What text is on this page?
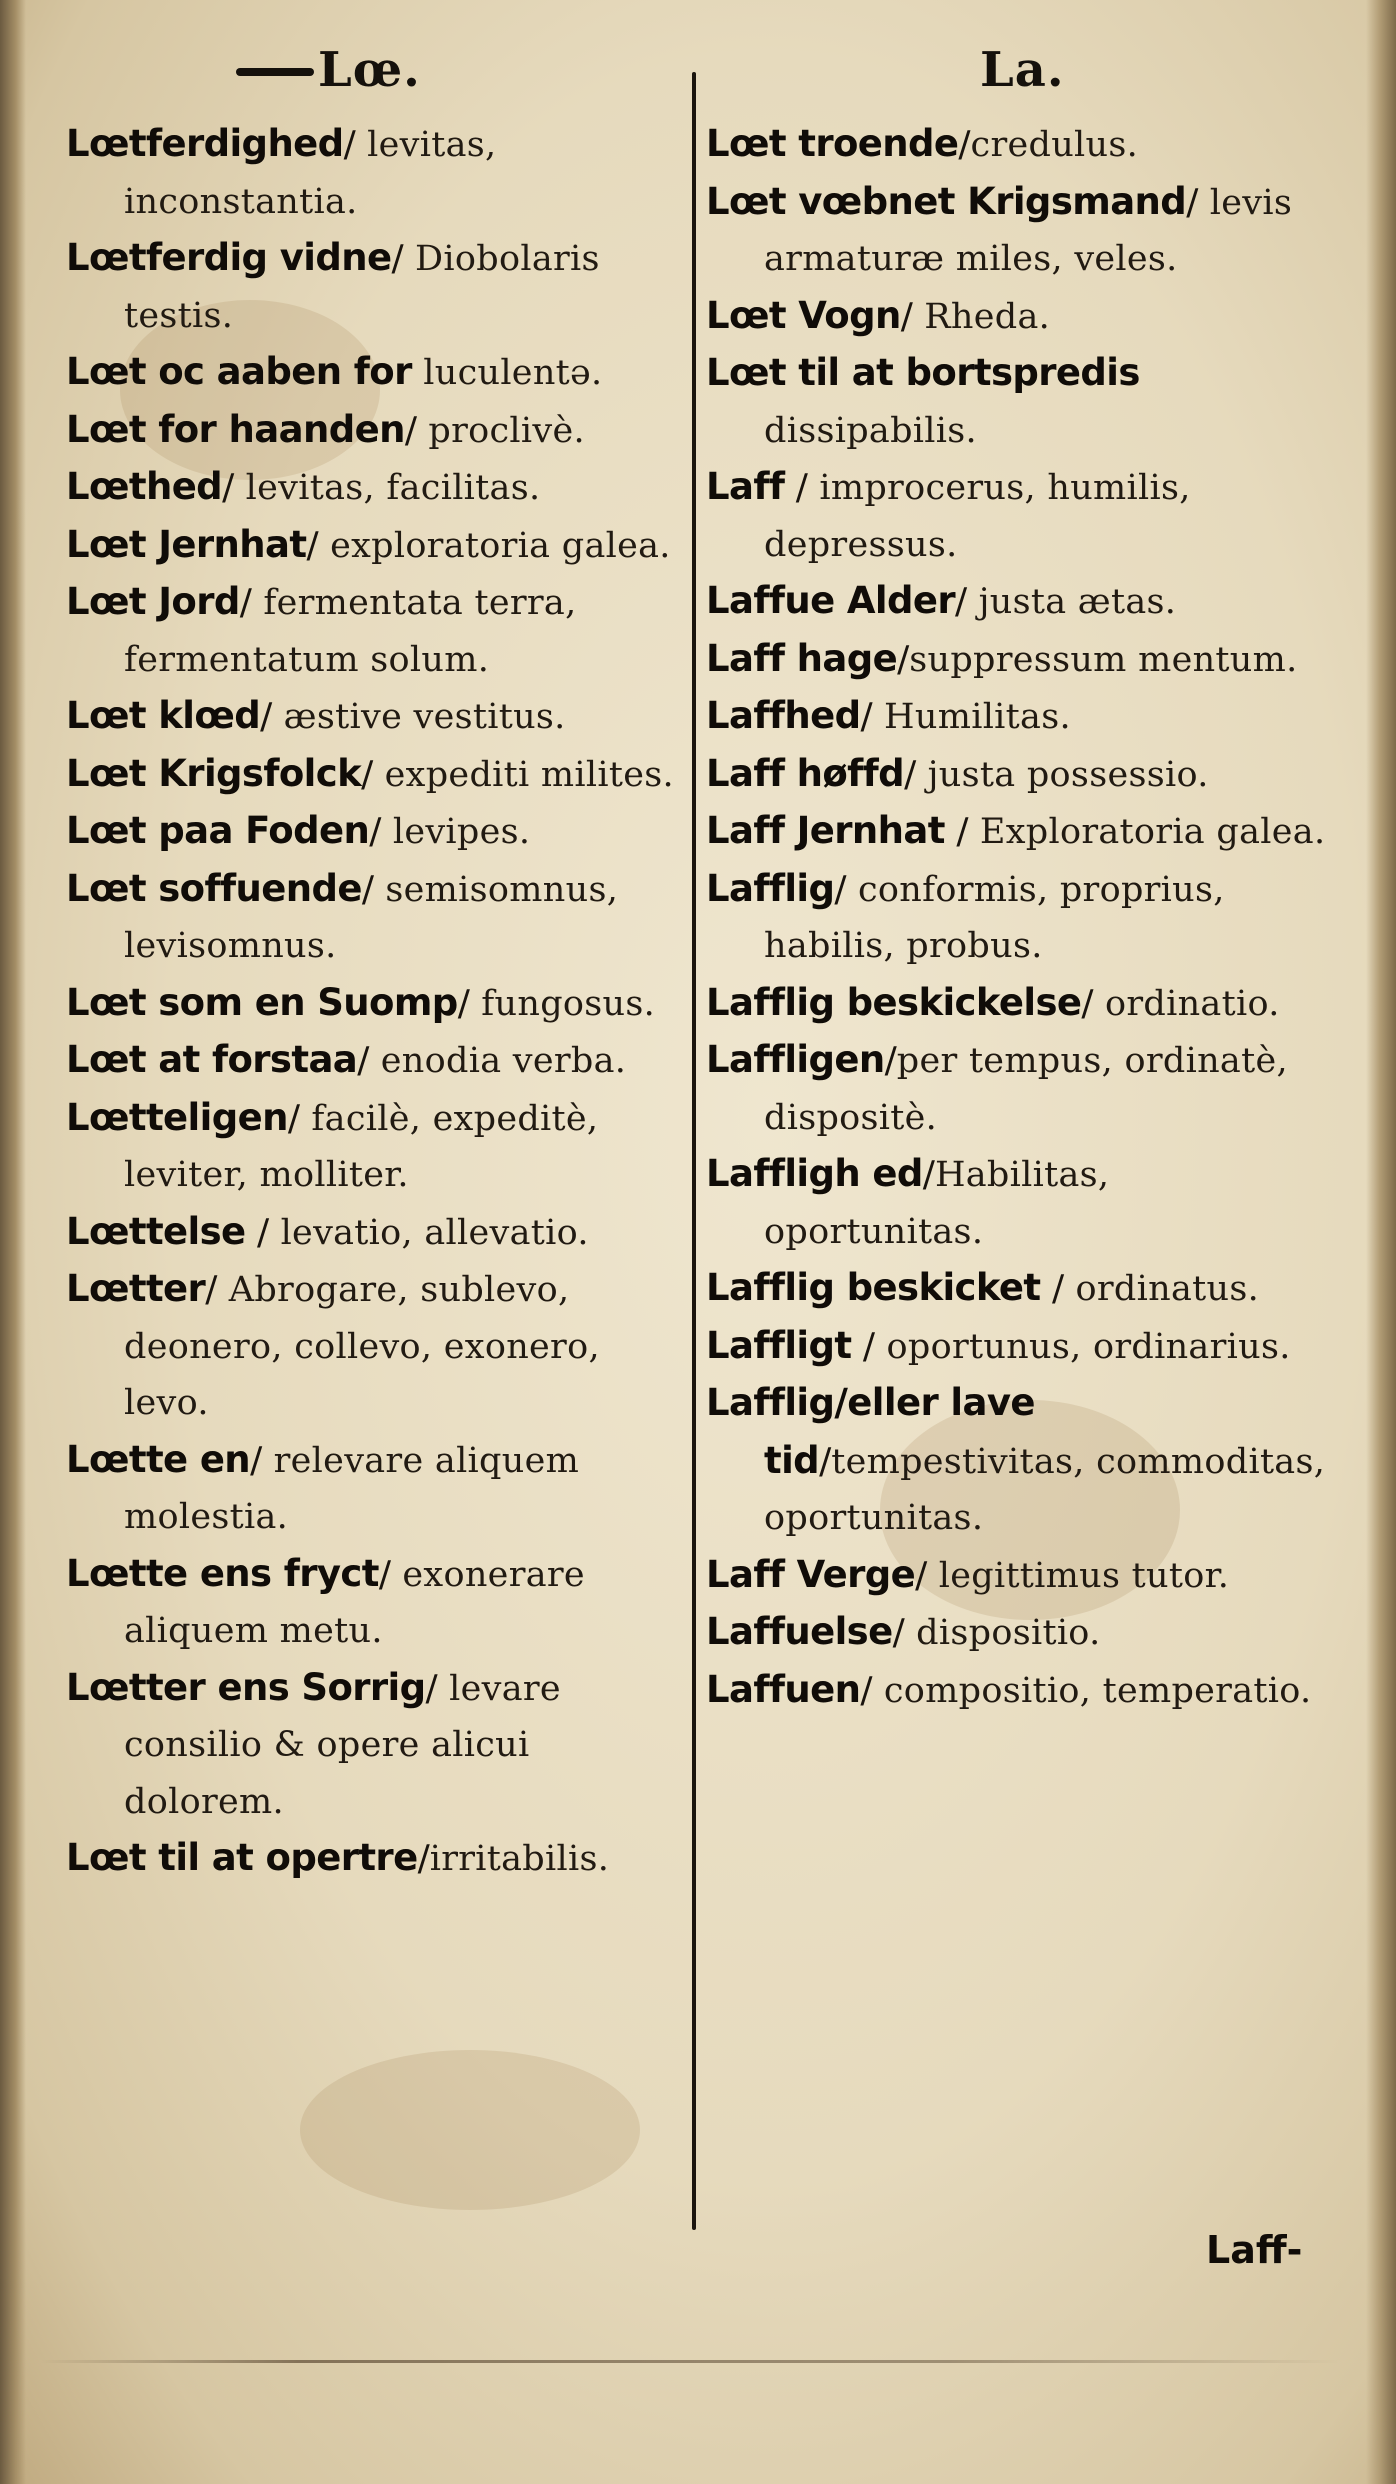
Lœ.	La.

Lœtferdighed/ levitas, inconstantia.

Lœtferdig vidne/ Diobolaris testis.

Lœt oc aaben for luculentǝ.

Lœt for haanden/ proclivè.

Lœthed/ levitas, facilitas.

Lœt Jernhat/ exploratoria galea.

Lœt Jord/ fermentata terra, fermentatum solum.

Lœt klœd/ æstive vestitus.

Lœt Krigsfolck/ expediti milites.

Lœt paa Foden/ levipes.

Lœt soffuende/ semisomnus, levisomnus.

Lœt som en Suomp/ fungosus.

Lœt at forstaa/ enodia verba.

Lœtteligen/ facilè, expeditè, leviter, molliter.

Lœttelse / levatio, allevatio.

Lœtter/ Abrogare, sublevo, deonero, collevo, exonero, levo.

Lœtte en/ relevare aliquem molestia.

Lœtte ens fryct/ exonerare aliquem metu.

Lœtter ens Sorrig/ levare consilio & opere alicui dolorem.

Lœt til at opertre/irritabilis.

Lœt troende/credulus.

Lœt vœbnet Krigsmand/ levis armaturæ miles, veles.

Lœt Vogn/ Rheda.

Lœt til at bortspredis dissipabilis.

Laff / improcerus, humilis, depressus.

Laffue Alder/ justa ætas.

Laff hage/suppressum mentum.

Laffhed/ Humilitas.

Laff høffd/ justa possessio.

Laff Jernhat / Exploratoria galea.

Lafflig/ conformis, proprius, habilis, probus.

Lafflig beskickelse/ ordinatio.

Laffligen/per tempus, ordinatè, dispositè.

Laffligh ed/Habilitas, oportunitas.

Lafflig beskicket / ordinatus.

Laffligt / oportunus, ordinarius.

Lafflig/eller lave tid/tempestivitas, commoditas, oportunitas.

Laff Verge/ legittimus tutor.

Laffuelse/ dispositio.

Laffuen/ compositio, temperatio.

Laff-
